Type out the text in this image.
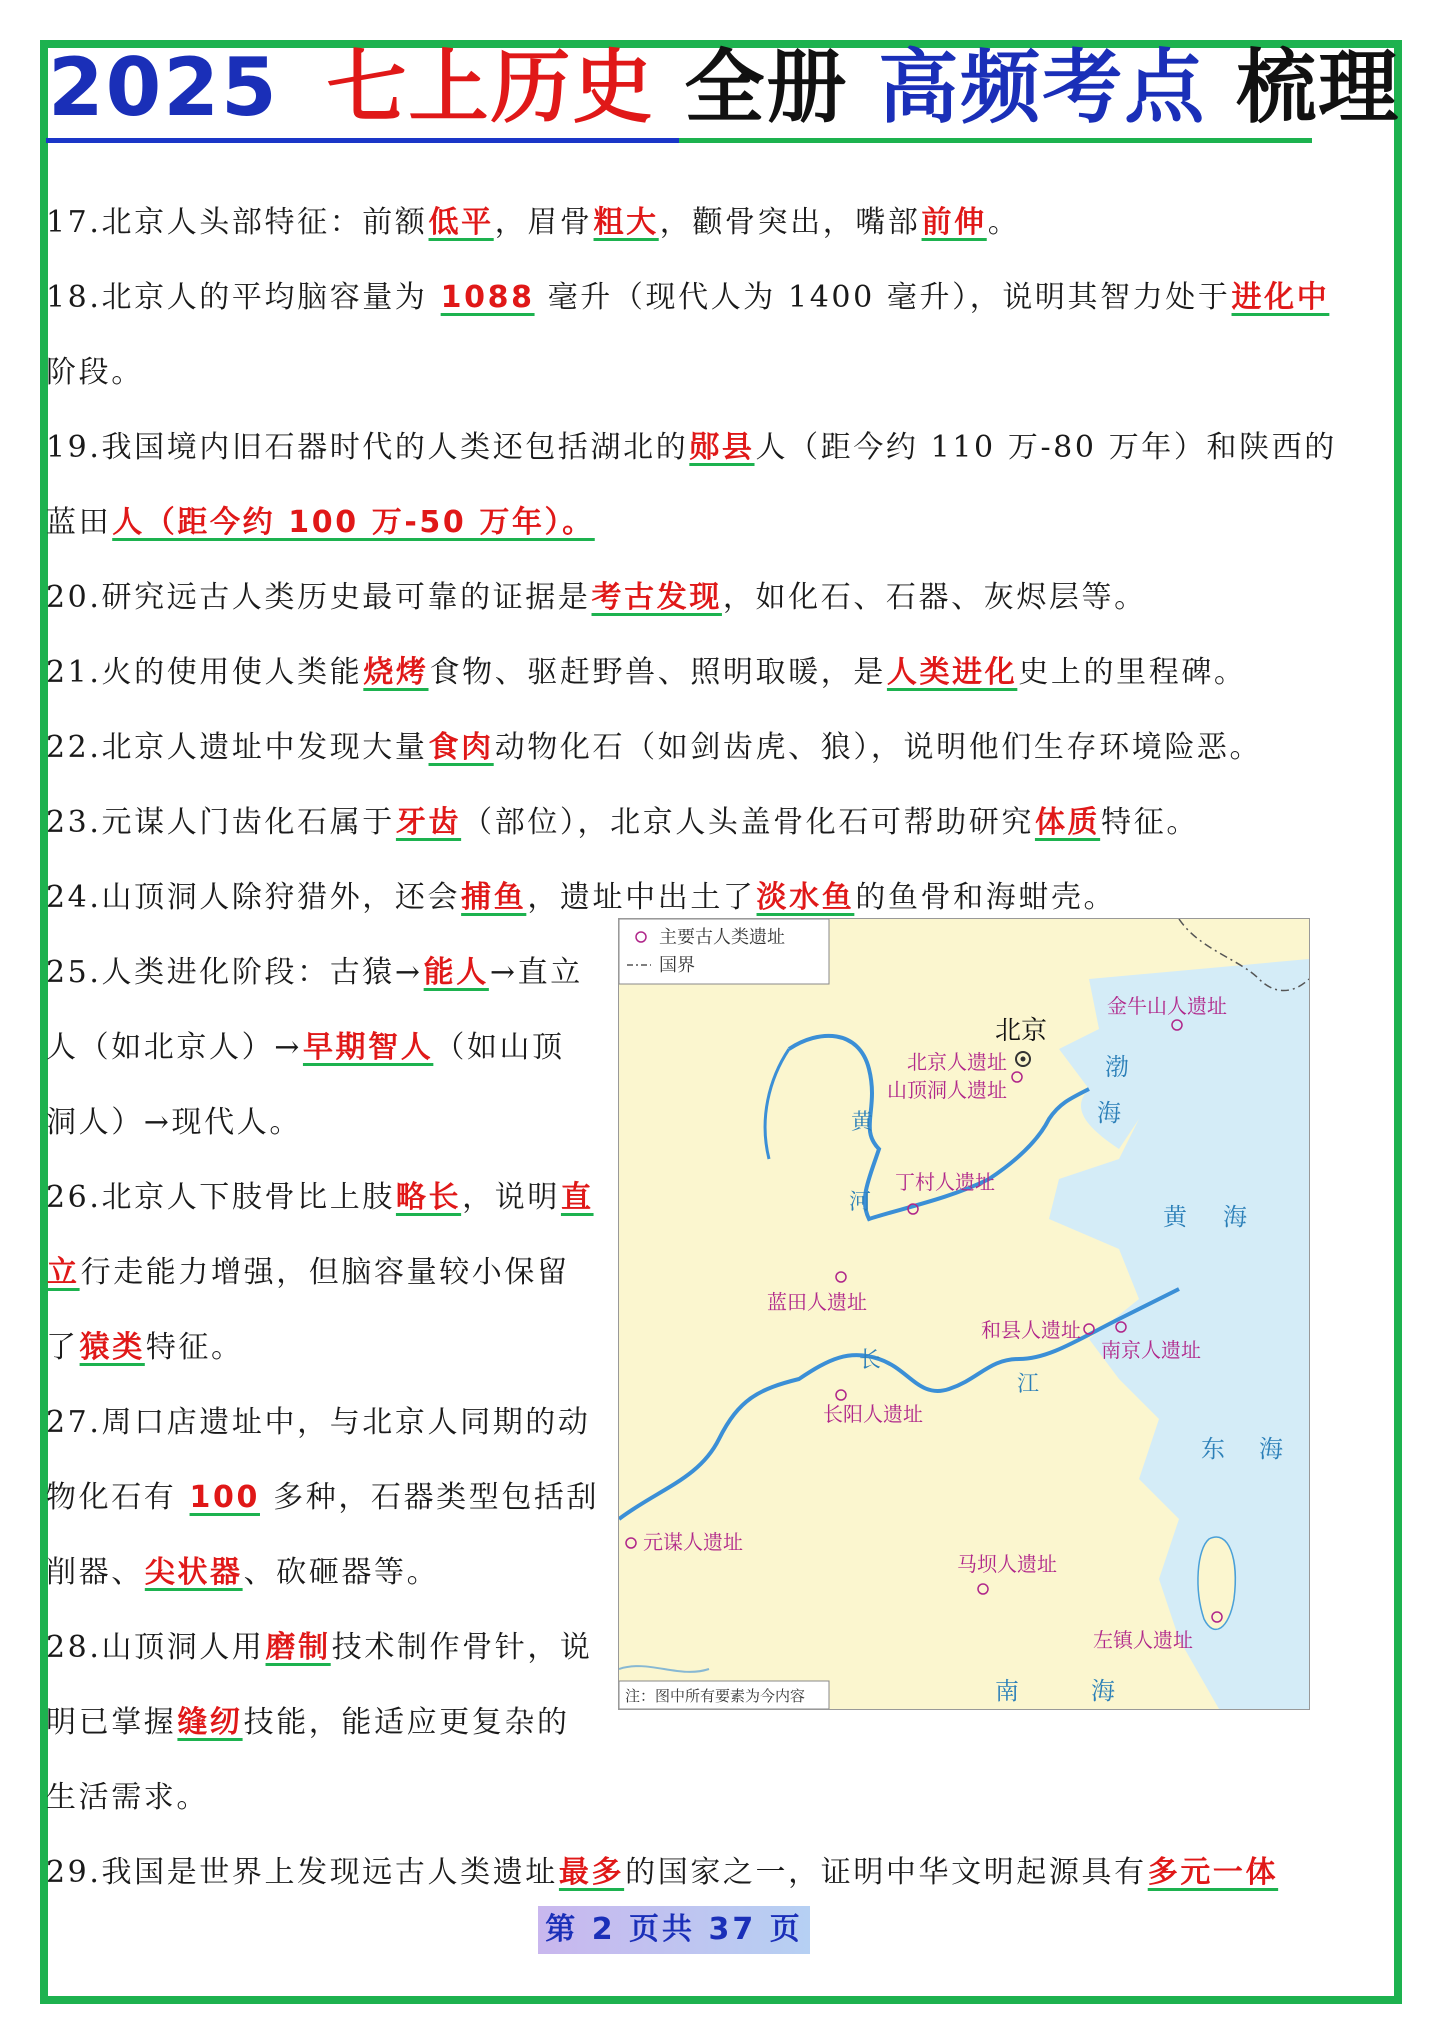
2025 七上历史 全册 高频考点 梳理
17.北京人头部特征：前额低平，眉骨粗大，颧骨突出，嘴部前伸。
18.北京人的平均脑容量为 1088 毫升（现代人为 1400 毫升），说明其智力处于进化中
阶段。
19.我国境内旧石器时代的人类还包括湖北的郧县人（距今约 110 万-80 万年）和陕西的
蓝田人（距今约 100 万-50 万年）。
20.研究远古人类历史最可靠的证据是考古发现，如化石、石器、灰烬层等。
21.火的使用使人类能烧烤食物、驱赶野兽、照明取暖，是人类进化史上的里程碑。
22.北京人遗址中发现大量食肉动物化石（如剑齿虎、狼），说明他们生存环境险恶。
23.元谋人门齿化石属于牙齿（部位），北京人头盖骨化石可帮助研究体质特征。
24.山顶洞人除狩猎外，还会捕鱼，遗址中出土了淡水鱼的鱼骨和海蚶壳。
25.人类进化阶段：古猿→能人→直立
人（如北京人）→早期智人（如山顶
洞人）→现代人。
26.北京人下肢骨比上肢略长，说明直
立行走能力增强，但脑容量较小保留
了猿类特征。
27.周口店遗址中，与北京人同期的动
物化石有 100 多种，石器类型包括刮
削器、尖状器、砍砸器等。
28.山顶洞人用磨制技术制作骨针，说
明已掌握缝纫技能，能适应更复杂的
生活需求。
29.我国是世界上发现远古人类遗址最多的国家之一，证明中华文明起源具有多元一体
主要古人类遗址
国界
北京
金牛山人遗址
北京人遗址
山顶洞人遗址
丁村人遗址
蓝田人遗址
和县人遗址
南京人遗址
长阳人遗址
元谋人遗址
马坝人遗址
左镇人遗址
渤
海
黄 海
东 海
南	海
黄
河
长
江
注：图中所有要素为今内容
第 2 页共 37 页
